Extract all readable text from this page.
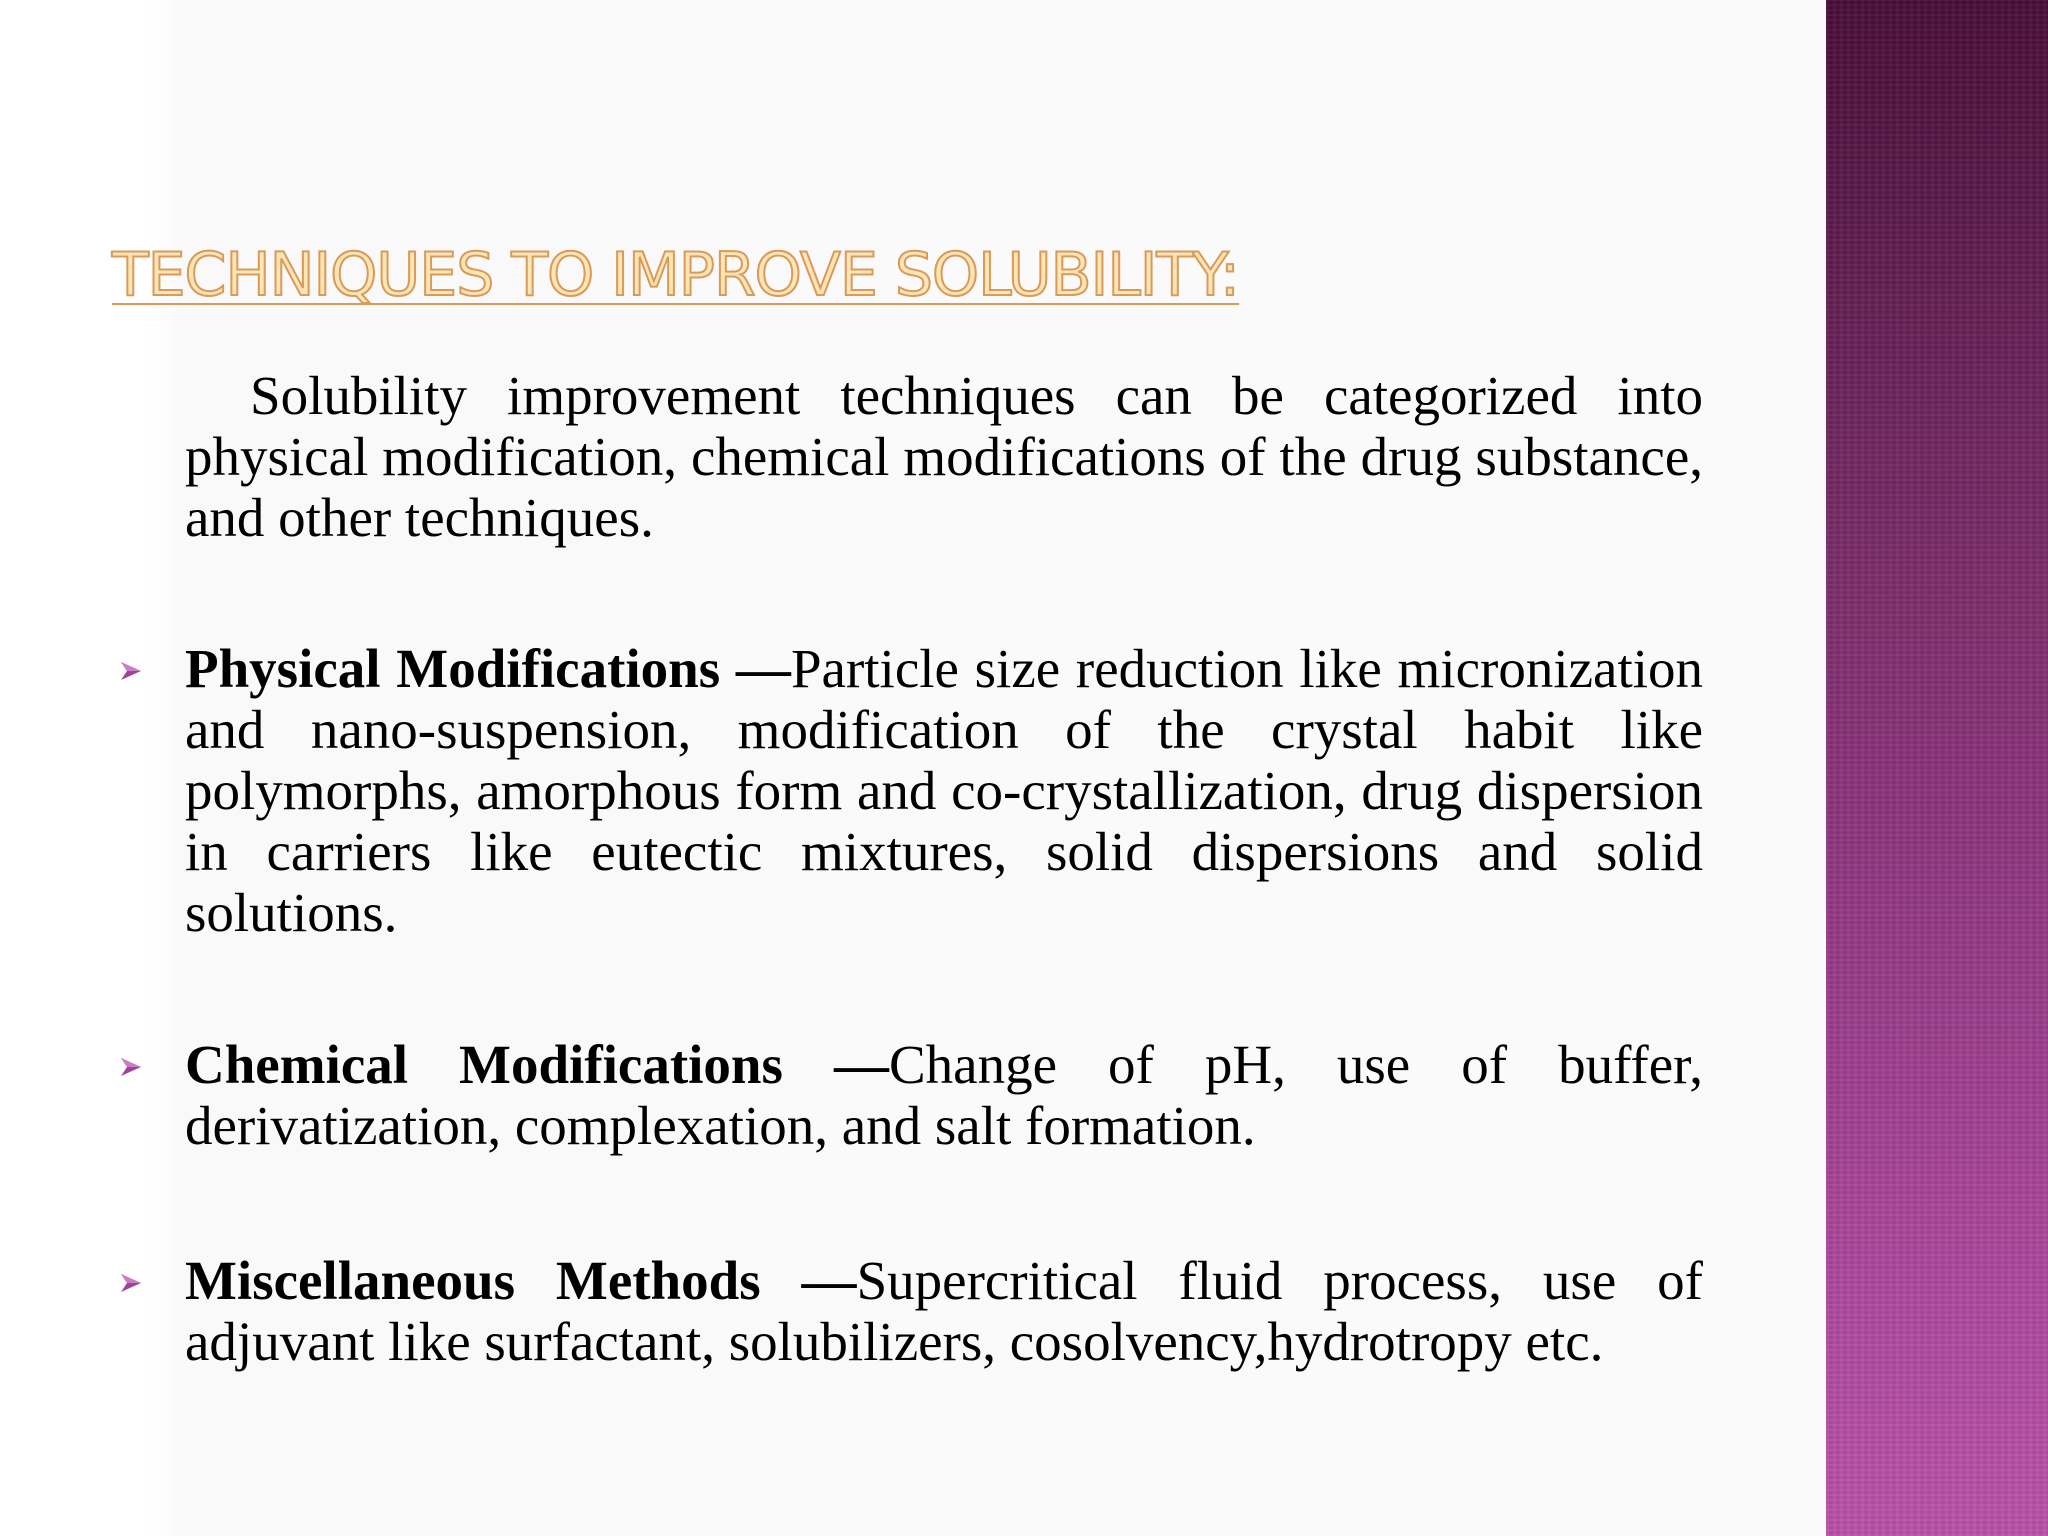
TECHNIQUES TO IMPROVE SOLUBILITY:

Solubility improvement techniques can be categorized into physical modification, chemical modifications of the drug substance, and other techniques.

Physical Modifications —Particle size reduction like micronization and nano-suspension, modification of the crystal habit like polymorphs, amorphous form and co-crystallization, drug dispersion in carriers like eutectic mixtures, solid dispersions and solid solutions.

Chemical Modifications —Change of pH, use of buffer, derivatization, complexation, and salt formation.

Miscellaneous Methods —Supercritical fluid process, use of adjuvant like surfactant, solubilizers, cosolvency,hydrotropy etc.
